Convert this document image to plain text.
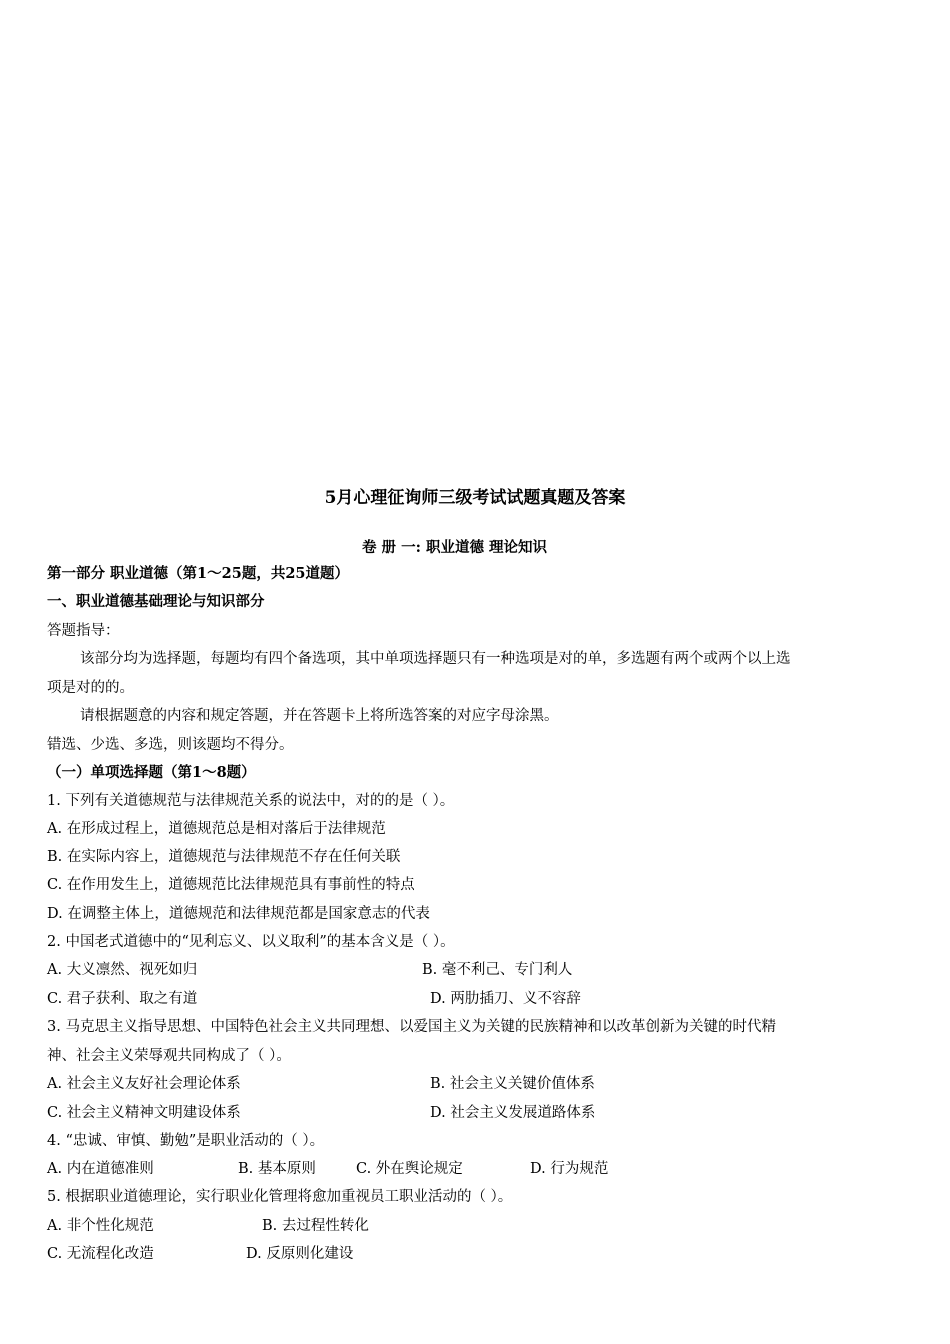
5月心理征询师三级考试试题真题及答案
卷 册 一: 职业道德 理论知识
第一部分 职业道德（第1～25题，共25道题）
一、职业道德基础理论与知识部分
答题指导：
该部分均为选择题，每题均有四个备选项，其中单项选择题只有一种选项是对的单，多选题有两个或两个以上选
项是对的的。
请根据题意的内容和规定答题，并在答题卡上将所选答案的对应字母涂黑。
错选、少选、多选，则该题均不得分。
（一）单项选择题（第1～8题）
1. 下列有关道德规范与法律规范关系的说法中，对的的是（ ）。
A. 在形成过程上，道德规范总是相对落后于法律规范
B. 在实际内容上，道德规范与法律规范不存在任何关联
C. 在作用发生上，道德规范比法律规范具有事前性的特点
D. 在调整主体上，道德规范和法律规范都是国家意志的代表
2. 中国老式道德中的“见利忘义、以义取利”的基本含义是（ ）。
A. 大义凛然、视死如归	B. 毫不利己、专门利人
C. 君子获利、取之有道	D. 两肋插刀、义不容辞
3. 马克思主义指导思想、中国特色社会主义共同理想、以爱国主义为关键的民族精神和以改革创新为关键的时代精
神、社会主义荣辱观共同构成了（ ）。
A. 社会主义友好社会理论体系	B. 社会主义关键价值体系
C. 社会主义精神文明建设体系	D. 社会主义发展道路体系
4. “忠诚、审慎、勤勉”是职业活动的（ ）。
A. 内在道德准则	B. 基本原则	C. 外在舆论规定	D. 行为规范
5. 根据职业道德理论，实行职业化管理将愈加重视员工职业活动的（ ）。
A. 非个性化规范	B. 去过程性转化
C. 无流程化改造	D. 反原则化建设
